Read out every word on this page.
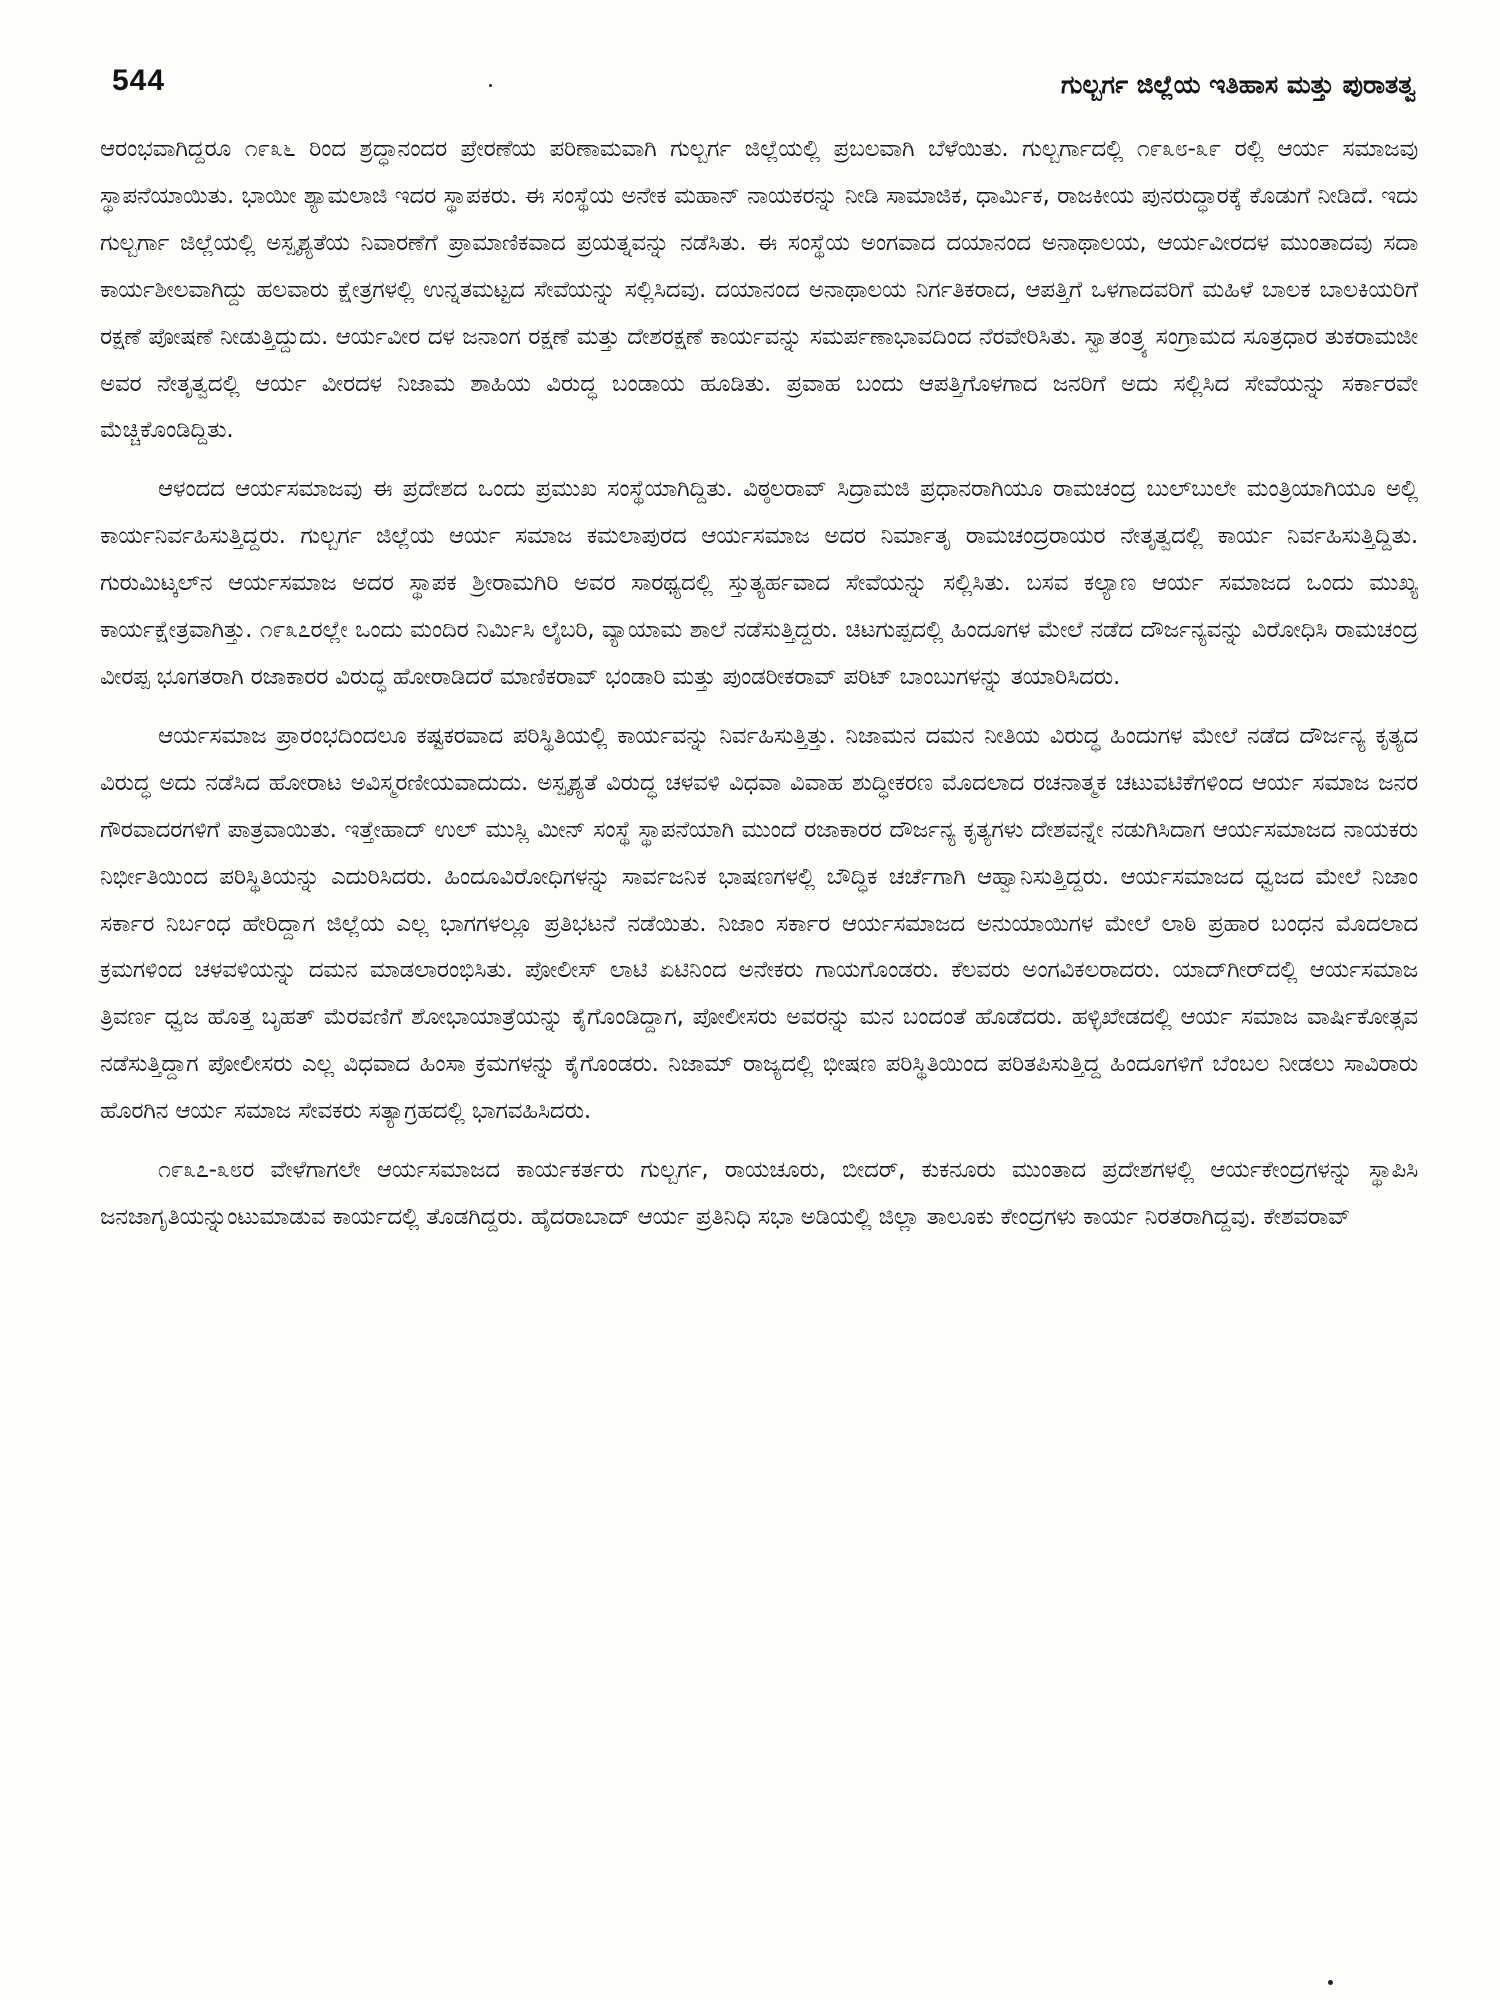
544	ಗುಲ್ಬರ್ಗ ಜಿಲ್ಲೆಯ ಇತಿಹಾಸ ಮತ್ತು ಪುರಾತತ್ವ

ಆರಂಭವಾಗಿದ್ದರೂ ೧೯೩೬ ರಿಂದ ಶ್ರದ್ಧಾನಂದರ ಪ್ರೇರಣೆಯ ಪರಿಣಾಮವಾಗಿ ಗುಲ್ಬರ್ಗ ಜಿಲ್ಲೆಯಲ್ಲಿ ಪ್ರಬಲವಾಗಿ ಬೆಳೆಯಿತು. ಗುಲ್ಬರ್ಗಾದಲ್ಲಿ ೧೯೩೮-೩೯ ರಲ್ಲಿ ಆರ್ಯ ಸಮಾಜವು ಸ್ಥಾಪನೆಯಾಯಿತು. ಭಾಯೀ ಶ್ಯಾಮಲಾಜಿ ಇದರ ಸ್ಥಾಪಕರು. ಈ ಸಂಸ್ಥೆಯ ಅನೇಕ ಮಹಾನ್ ನಾಯಕರನ್ನು ನೀಡಿ ಸಾಮಾಜಿಕ, ಧಾರ್ಮಿಕ, ರಾಜಕೀಯ ಪುನರುದ್ಧಾರಕ್ಕೆ ಕೊಡುಗೆ ನೀಡಿದೆ. ಇದು ಗುಲ್ಬರ್ಗಾ ಜಿಲ್ಲೆಯಲ್ಲಿ ಅಸ್ಪೃಶ್ಯತೆಯ ನಿವಾರಣೆಗೆ ಪ್ರಾಮಾಣಿಕವಾದ ಪ್ರಯತ್ನವನ್ನು ನಡೆಸಿತು. ಈ ಸಂಸ್ಥೆಯ ಅಂಗವಾದ ದಯಾನಂದ ಅನಾಥಾಲಯ, ಆರ್ಯವೀರದಳ ಮುಂತಾದವು ಸದಾ ಕಾರ್ಯಶೀಲವಾಗಿದ್ದು ಹಲವಾರು ಕ್ಷೇತ್ರಗಳಲ್ಲಿ ಉನ್ನತಮಟ್ಟದ ಸೇವೆಯನ್ನು ಸಲ್ಲಿಸಿದವು. ದಯಾನಂದ ಅನಾಥಾಲಯ ನಿರ್ಗತಿಕರಾದ, ಆಪತ್ತಿಗೆ ಒಳಗಾದವರಿಗೆ ಮಹಿಳೆ ಬಾಲಕ ಬಾಲಕಿಯರಿಗೆ ರಕ್ಷಣೆ ಪೋಷಣೆ ನೀಡುತ್ತಿದ್ದುದು. ಆರ್ಯವೀರ ದಳ ಜನಾಂಗ ರಕ್ಷಣೆ ಮತ್ತು ದೇಶರಕ್ಷಣೆ ಕಾರ್ಯವನ್ನು ಸಮರ್ಪಣಾಭಾವದಿಂದ ನೆರವೇರಿಸಿತು. ಸ್ವಾತಂತ್ರ್ಯ ಸಂಗ್ರಾಮದ ಸೂತ್ರಧಾರ ತುಕರಾಮಜೀ ಅವರ ನೇತೃತ್ವದಲ್ಲಿ ಆರ್ಯ ವೀರದಳ ನಿಜಾಮ ಶಾಹಿಯ ವಿರುದ್ಧ ಬಂಡಾಯ ಹೂಡಿತು. ಪ್ರವಾಹ ಬಂದು ಆಪತ್ತಿಗೊಳಗಾದ ಜನರಿಗೆ ಅದು ಸಲ್ಲಿಸಿದ ಸೇವೆಯನ್ನು ಸರ್ಕಾರವೇ ಮೆಚ್ಚಿಕೊಂಡಿದ್ದಿತು.

ಆಳಂದದ ಆರ್ಯಸಮಾಜವು ಈ ಪ್ರದೇಶದ ಒಂದು ಪ್ರಮುಖ ಸಂಸ್ಥೆಯಾಗಿದ್ದಿತು. ವಿಠ್ಠಲರಾವ್ ಸಿದ್ರಾಮಜಿ ಪ್ರಧಾನರಾಗಿಯೂ ರಾಮಚಂದ್ರ ಬುಲ್‌ಬುಲೇ ಮಂತ್ರಿಯಾಗಿಯೂ ಅಲ್ಲಿ ಕಾರ್ಯನಿರ್ವಹಿಸುತ್ತಿದ್ದರು. ಗುಲ್ಬರ್ಗ ಜಿಲ್ಲೆಯ ಆರ್ಯ ಸಮಾಜ ಕಮಲಾಪುರದ ಆರ್ಯಸಮಾಜ ಅದರ ನಿರ್ಮಾತೃ ರಾಮಚಂದ್ರರಾಯರ ನೇತೃತ್ವದಲ್ಲಿ ಕಾರ್ಯ ನಿರ್ವಹಿಸುತ್ತಿದ್ದಿತು. ಗುರುಮಿಟ್ಕಲ್‌ನ ಆರ್ಯಸಮಾಜ ಅದರ ಸ್ಥಾಪಕ ಶ್ರೀರಾಮಗಿರಿ ಅವರ ಸಾರಥ್ಯದಲ್ಲಿ ಸ್ತುತ್ಯರ್ಹವಾದ ಸೇವೆಯನ್ನು ಸಲ್ಲಿಸಿತು. ಬಸವ ಕಲ್ಯಾಣ ಆರ್ಯ ಸಮಾಜದ ಒಂದು ಮುಖ್ಯ ಕಾರ್ಯಕ್ಷೇತ್ರವಾಗಿತ್ತು. ೧೯೩೭ರಲ್ಲೇ ಒಂದು ಮಂದಿರ ನಿರ್ಮಿಸಿ ಲೈಬರಿ, ವ್ಯಾಯಾಮ ಶಾಲೆ ನಡೆಸುತ್ತಿದ್ದರು. ಚಿಟಗುಪ್ಪದಲ್ಲಿ ಹಿಂದೂಗಳ ಮೇಲೆ ನಡೆದ ದೌರ್ಜನ್ಯವನ್ನು ವಿರೋಧಿಸಿ ರಾಮಚಂದ್ರ ವೀರಪ್ಪ ಭೂಗತರಾಗಿ ರಜಾಕಾರರ ವಿರುದ್ಧ ಹೋರಾಡಿದರೆ ಮಾಣಿಕರಾವ್ ಭಂಡಾರಿ ಮತ್ತು ಪುಂಡರೀಕರಾವ್ ಪರಿಟ್ ಬಾಂಬುಗಳನ್ನು ತಯಾರಿಸಿದರು.

ಆರ್ಯಸಮಾಜ ಪ್ರಾರಂಭದಿಂದಲೂ ಕಷ್ಟಕರವಾದ ಪರಿಸ್ಥಿತಿಯಲ್ಲಿ ಕಾರ್ಯವನ್ನು ನಿರ್ವಹಿಸುತ್ತಿತ್ತು. ನಿಜಾಮನ ದಮನ ನೀತಿಯ ವಿರುದ್ಧ ಹಿಂದುಗಳ ಮೇಲೆ ನಡೆದ ದೌರ್ಜನ್ಯ ಕೃತ್ಯದ ವಿರುದ್ಧ ಅದು ನಡೆಸಿದ ಹೋರಾಟ ಅವಿಸ್ಮರಣೀಯವಾದುದು. ಅಸ್ಪೃಶ್ಯತೆ ವಿರುದ್ಧ ಚಳವಳಿ ವಿಧವಾ ವಿವಾಹ ಶುದ್ಧೀಕರಣ ಮೊದಲಾದ ರಚನಾತ್ಮಕ ಚಟುವಟಿಕೆಗಳಿಂದ ಆರ್ಯ ಸಮಾಜ ಜನರ ಗೌರವಾದರಗಳಿಗೆ ಪಾತ್ರವಾಯಿತು. ಇತ್ತೇಹಾದ್ ಉಲ್ ಮುಸ್ಲಿ ಮೀನ್ ಸಂಸ್ಥೆ ಸ್ಥಾಪನೆಯಾಗಿ ಮುಂದೆ ರಜಾಕಾರರ ದೌರ್ಜನ್ಯ ಕೃತ್ಯಗಳು ದೇಶವನ್ನೇ ನಡುಗಿಸಿದಾಗ ಆರ್ಯಸಮಾಜದ ನಾಯಕರು ನಿರ್ಭೀತಿಯಿಂದ ಪರಿಸ್ಥಿತಿಯನ್ನು ಎದುರಿಸಿದರು. ಹಿಂದೂವಿರೋಧಿಗಳನ್ನು ಸಾರ್ವಜನಿಕ ಭಾಷಣಗಳಲ್ಲಿ ಬೌದ್ಧಿಕ ಚರ್ಚೆಗಾಗಿ ಆಹ್ವಾನಿಸುತ್ತಿದ್ದರು. ಆರ್ಯಸಮಾಜದ ಧ್ವಜದ ಮೇಲೆ ನಿಜಾಂ ಸರ್ಕಾರ ನಿರ್ಬಂಧ ಹೇರಿದ್ದಾಗ ಜಿಲ್ಲೆಯ ಎಲ್ಲ ಭಾಗಗಳಲ್ಲೂ ಪ್ರತಿಭಟನೆ ನಡೆಯಿತು. ನಿಜಾಂ ಸರ್ಕಾರ ಆರ್ಯಸಮಾಜದ ಅನುಯಾಯಿಗಳ ಮೇಲೆ ಲಾಠಿ ಪ್ರಹಾರ ಬಂಧನ ಮೊದಲಾದ ಕ್ರಮಗಳಿಂದ ಚಳವಳಿಯನ್ನು ದಮನ ಮಾಡಲಾರಂಭಿಸಿತು. ಪೋಲೀಸ್ ಲಾಟಿ ಏಟಿನಿಂದ ಅನೇಕರು ಗಾಯಗೊಂಡರು. ಕೆಲವರು ಅಂಗವಿಕಲರಾದರು. ಯಾದ್‌ಗೀರ್‌ದಲ್ಲಿ ಆರ್ಯಸಮಾಜ ತ್ರಿವರ್ಣ ಧ್ವಜ ಹೊತ್ತ ಬೃಹತ್ ಮೆರವಣಿಗೆ ಶೋಭಾಯಾತ್ರೆಯನ್ನು ಕೈಗೊಂಡಿದ್ದಾಗ, ಪೋಲೀಸರು ಅವರನ್ನು ಮನ ಬಂದಂತೆ ಹೊಡೆದರು. ಹಳ್ಳಿಖೇಡದಲ್ಲಿ ಆರ್ಯ ಸಮಾಜ ವಾರ್ಷಿಕೋತ್ಸವ ನಡೆಸುತ್ತಿದ್ದಾಗ ಪೋಲೀಸರು ಎಲ್ಲ ವಿಧವಾದ ಹಿಂಸಾ ಕ್ರಮಗಳನ್ನು ಕೈಗೊಂಡರು. ನಿಜಾಮ್ ರಾಜ್ಯದಲ್ಲಿ ಭೀಷಣ ಪರಿಸ್ಥಿತಿಯಿಂದ ಪರಿತಪಿಸುತ್ತಿದ್ದ ಹಿಂದೂಗಳಿಗೆ ಬೆಂಬಲ ನೀಡಲು ಸಾವಿರಾರು ಹೊರಗಿನ ಆರ್ಯ ಸಮಾಜ ಸೇವಕರು ಸತ್ಯಾಗ್ರಹದಲ್ಲಿ ಭಾಗವಹಿಸಿದರು.

೧೯೩೭-೩೮ರ ವೇಳೆಗಾಗಲೇ ಆರ್ಯಸಮಾಜದ ಕಾರ್ಯಕರ್ತರು ಗುಲ್ಬರ್ಗ, ರಾಯಚೂರು, ಬೀದರ್, ಕುಕನೂರು ಮುಂತಾದ ಪ್ರದೇಶಗಳಲ್ಲಿ ಆರ್ಯಕೇಂದ್ರಗಳನ್ನು ಸ್ಥಾಪಿಸಿ ಜನಜಾಗೃತಿಯನ್ನುಂಟುಮಾಡುವ ಕಾರ್ಯದಲ್ಲಿ ತೊಡಗಿದ್ದರು. ಹೈದರಾಬಾದ್ ಆರ್ಯ ಪ್ರತಿನಿಧಿ ಸಭಾ ಅಡಿಯಲ್ಲಿ ಜಿಲ್ಲಾ ತಾಲೂಕು ಕೇಂದ್ರಗಳು ಕಾರ್ಯ ನಿರತರಾಗಿದ್ದವು. ಕೇಶವರಾವ್
